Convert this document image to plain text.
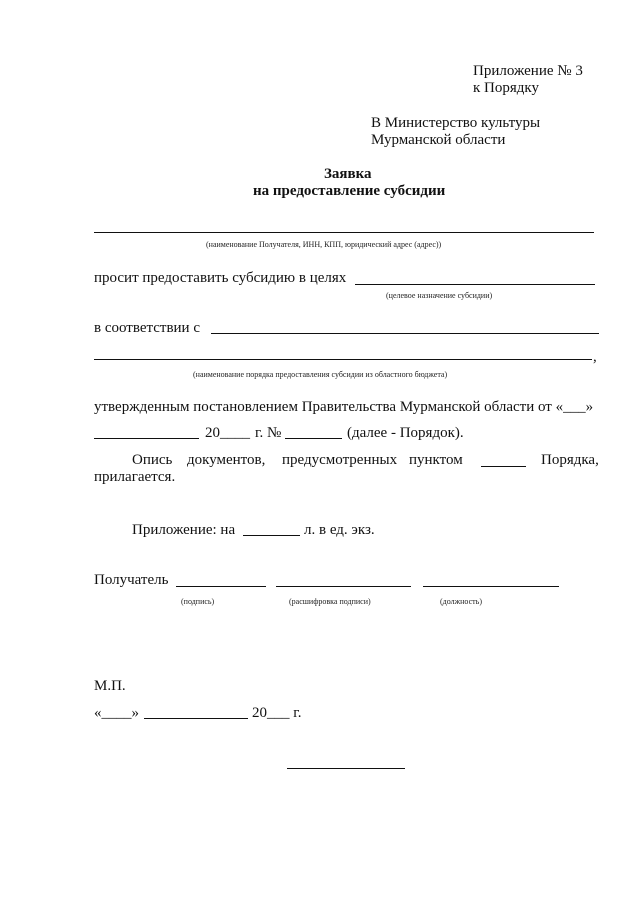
Приложение № 3
к Порядку
В Министерство культуры
Мурманской области
Заявка
на предоставление субсидии
(наименование Получателя, ИНН, КПП, юридический адрес (адрес))
просит предоставить субсидию в целях
(целевое назначение субсидии)
в соответствии с
,
(наименование порядка предоставления субсидии из областного бюджета)
утвержденным постановлением Правительства Мурманской области от «___»
20____ г. №	(далее - Порядок).
Опись документов, предусмотренных пунктом	Порядка,
прилагается.
Приложение: на	л. в ед. экз.
Получатель
(подпись)	(расшифровка подписи)	(должность)
М.П.
«____»	20___ г.
